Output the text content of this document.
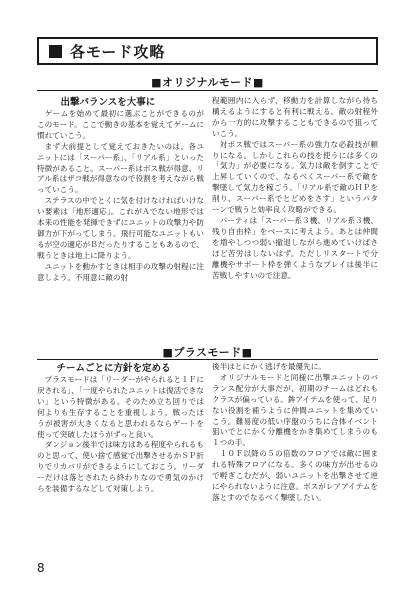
各モード攻略
■オリジナルモード■

出撃バランスを大事に

ゲームを始めて最初に選ぶことができるのがこのモード。ここで動きの基本を覚えてゲームに慣れていこう。

まず大前提として覚えておきたいのは、各ユニットには「スーパー系」、「リアル系」といった特徴があること。スーパー系はボス戦が得意、リアル系はザコ戦が得意なので役割を考えながら戦っていこう。

ステラスの中でとくに気を付けなければいけない要素は「地形適応」。これがＡでない地形では本来の性能を発揮できずにユニットの攻撃力や防御力が下がってしまう。飛行可能なユニットもいるが空の適応がＢだったりすることもあるので、戦うときは地上に降りよう。

ユニットを動かすときは相手の攻撃の射程に注意しよう。不用意に敵の射

程範囲内に入らず、移動力を計算しながら待ち構えるようにすると有利に戦える。敵の射程外から一方的に攻撃することもできるので狙っていこう。

対ボス戦ではスーパー系の強力な必殺技が頼りになる。しかしこれらの技を使うには多くの「気力」が必要になる。気力は敵を倒すことで上昇していくので、なるべくスーパー系で敵を撃墜して気力を稼ごう。「リアル系で敵のＨＰを削り、スーパー系でとどめをさす」というパターンで戦うと効率良く攻略ができる。

パーティは「スーパー系３機、リアル系３機、残り自由枠」をベースに考えよう。あとは仲間を増やしつつ弱い撤退しながら進めていけばさほど苦労はしないはず。ただしリスタートで分離機やサポート枠を弾くようなプレイは後半に苦戦しやすいので注意。

■プラスモード■

チームごとに方針を定める

プラスモードは「リーダーがやられると１Ｆに戻される」、「一度やられたユニットは復活できない」という特徴がある。そのため立ち回りでは何よりも生存することを重視しよう。戦ったほうが被害が大きくなると思われるならゲートを使って突破したほうがずっと良い。

ダンジョン後半では味方はある程度やられるものと思って、使い捨て感覚で出撃させるかＳＰ折りでリカバリができるようにしておこう。リーダーだけは落とされたら終わりなので勇気のかけらを装備するなどして対策しよう。

後半はとにかく逃げを最優先に。

オリジナルモードと同様に出撃ユニットのバランス配分が大事だが、初期のチームはどれもクラスが偏っている。鉾アイテムを使って、足りない役割を補うように仲間ユニットを集めていこう。難易度の低い序盤のうちに合体イベント狙いでとにかく分離機をかき集めてしまうのも１つの手。

１０Ｆ以降の５の倍数のフロアでは敵に囲まれる特殊フロアになる。多くの味方が出せるので孵ぎこむだが、弱いユニットを出撃させて逆にやられないように注意。ボスがレアアイテムを落とすのでなるべく撃墜したい。

8
